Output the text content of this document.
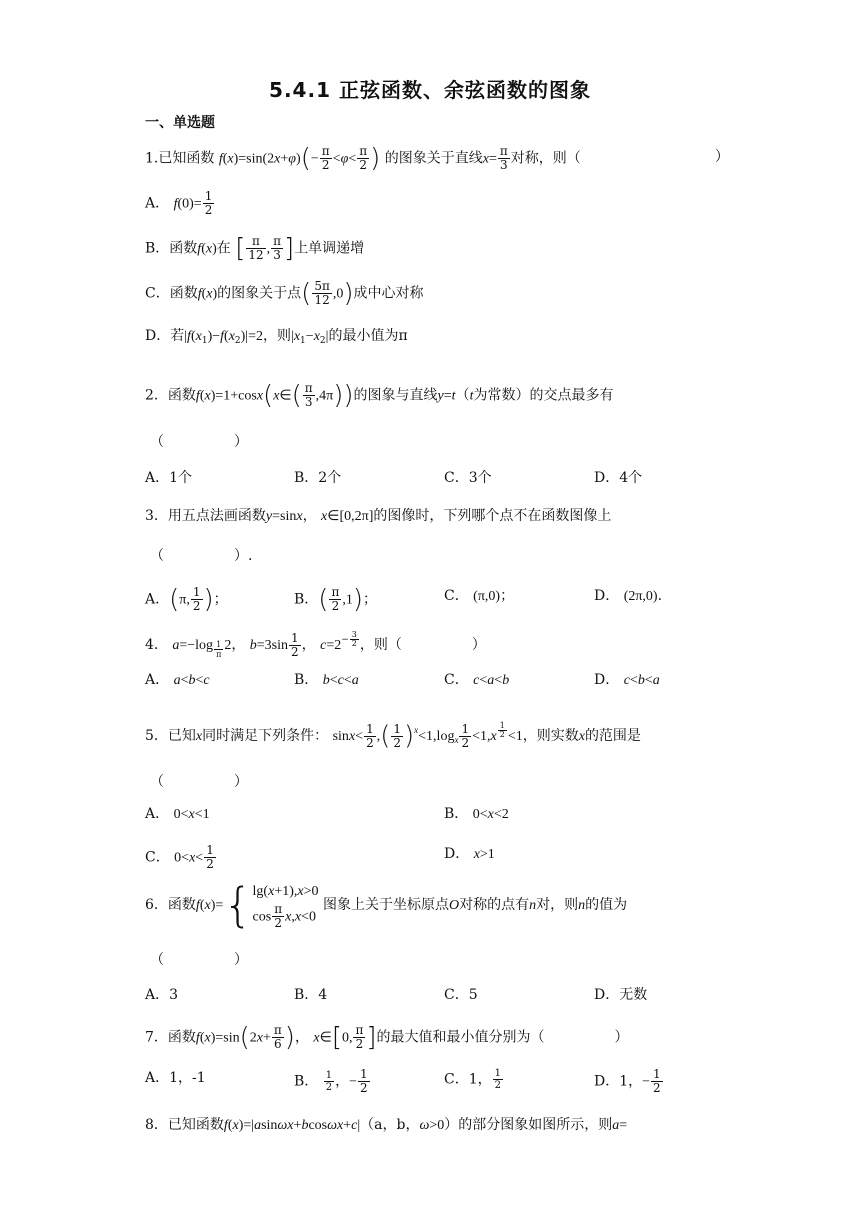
5.4.1 正弦函数、余弦函数的图象
一、单选题
1.已知函数 $f(x)=\sin(2x+\varphi)(- \frac{\pi}{2} <\varphi< \frac{\pi}{2}$ ) 的图象关于直线$x= \frac{\pi}{3}$ 对称，则（	）
A． $f(0)= \frac{1}{2}$
B．函数f(x)在 [ $\frac{\pi}{12}$ , $\frac{\pi}{3}$ ]上单调递增
C．函数f(x)的图象关于点( $\frac{5\pi}{12} ,0$)成中心对称
D．若$|f(x_1)-f(x_2)|=2$，则$|x_1-x_2|$的最小值为π
2．函数f(x)=1+cosx(x∈( $\frac{\pi}{3} ,4\pi$))的图象与直线y=t（t为常数）的交点最多有
（　　　　　）
A．1个	B．2个	C．3个	D．4个
3．用五点法画函数y=sinx， x∈[0,2π]的图像时，下列哪个点不在函数图像上
（　　　　　）.
A．(π, $\frac{1}{2}$ )；	B．( $\frac{\pi}{2} ,1$)；	C． (π,0)；	D． (2π,0).
4． $a=-\log \frac{1}{\pi} 2$， $b=3\sin \frac{1}{2}$ ， $c=2^{- \frac{3}{2}}$ ，则（　　　　　）
A． a<b<c	B． b<c<a	C． c<a<b	D． c<b<a
5．已知x同时满足下列条件： $\sin x< \frac{1}{2}$ ,( $\frac{1}{2} )^x<1,\log_x \frac{1}{2} <1,x$ $^{\frac{1}{2}}$ <1，则实数x的范围是
（　　　　　）
A． 0<x<1	B． 0<x<2
C． $0<x< \frac{1}{2}$	D． x>1
6．函数f(x)={ lg(x+1),x>0
$\cos \frac{\pi}{2} x,x<0$
图象上关于坐标原点O对称的点有n对，则n的值为
（　　　　　）
A．3	B．4	C．5	D．无数
7．函数$f(x)=\sin(2x+ \frac{\pi}{6}$ )， x∈[0, $\frac{\pi}{2}$ ]的最大值和最小值分别为（　　　　　）
A．1，-1	B． $\frac{1}{2}$ ，− $\frac{1}{2}$	C．1， $\frac{1}{2}$	D．1，− $\frac{1}{2}$
8．已知函数f(x)=|asinωx+bcosωx+c|（a，b，ω>0）的部分图象如图所示，则a=
